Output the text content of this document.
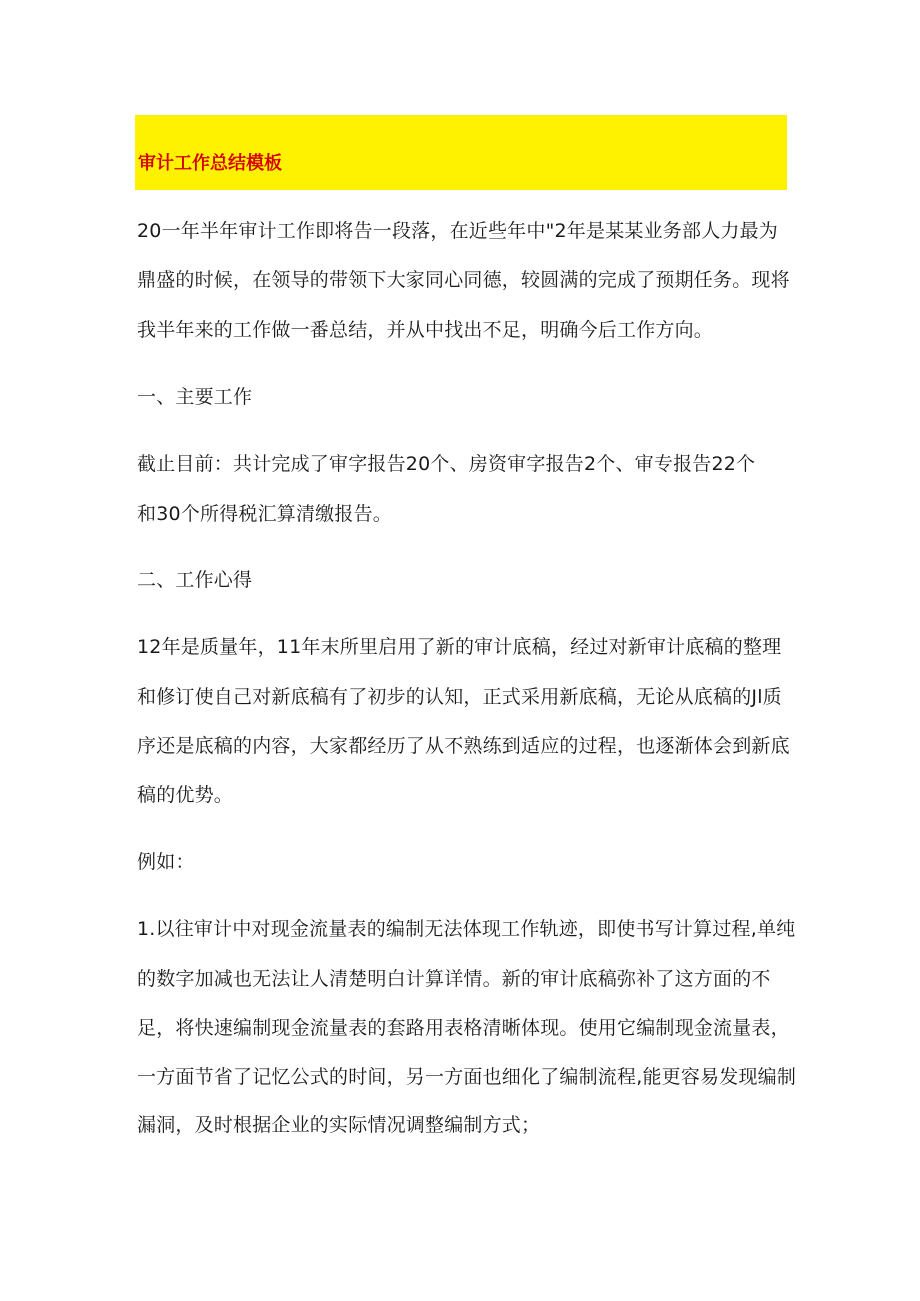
审计工作总结模板
20一年半年审计工作即将告一段落，在近些年中"2年是某某业务部人力最为
鼎盛的时候，在领导的带领下大家同心同德，较圆满的完成了预期任务。现将
我半年来的工作做一番总结，并从中找出不足，明确今后工作方向。
一、主要工作
截止目前：共计完成了审字报告20个、房资审字报告2个、审专报告22个
和30个所得税汇算清缴报告。
二、工作心得
12年是质量年，11年末所里启用了新的审计底稿，经过对新审计底稿的整理
和修订使自己对新底稿有了初步的认知，正式采用新底稿，无论从底稿的Jl质
序还是底稿的内容，大家都经历了从不熟练到适应的过程，也逐渐体会到新底
稿的优势。
例如：
1.以往审计中对现金流量表的编制无法体现工作轨迹，即使书写计算过程,单纯
的数字加减也无法让人清楚明白计算详情。新的审计底稿弥补了这方面的不
足，将快速编制现金流量表的套路用表格清晰体现。使用它编制现金流量表，
一方面节省了记忆公式的时间，另一方面也细化了编制流程,能更容易发现编制
漏洞，及时根据企业的实际情况调整编制方式；
